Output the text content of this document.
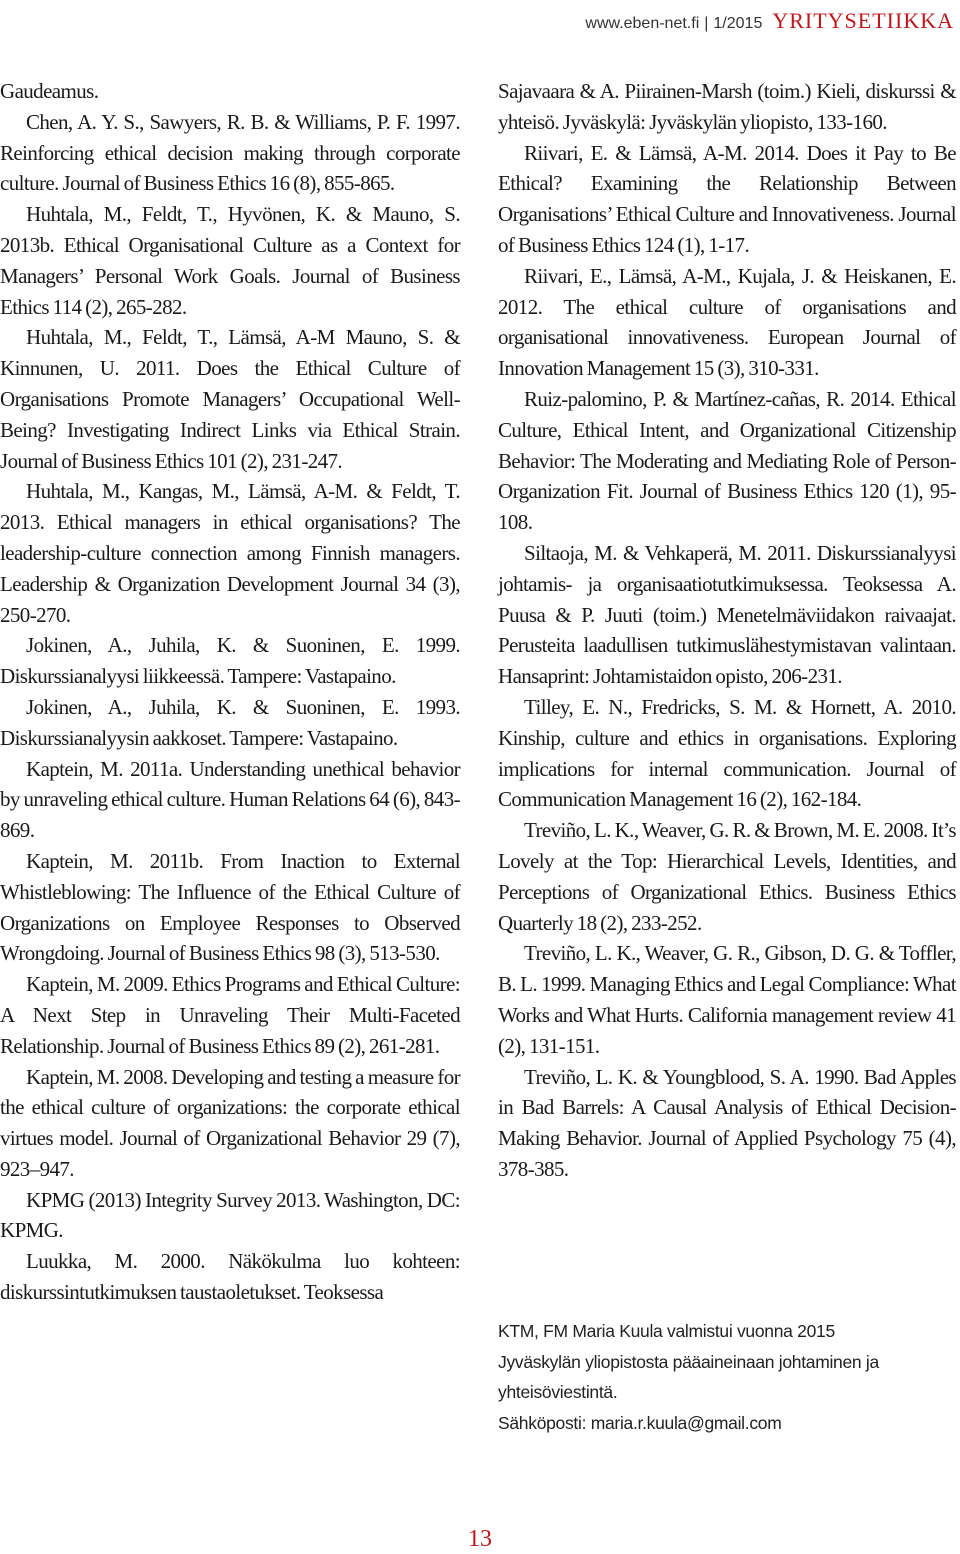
www.eben-net.fi | 1/2015 YRITYSETIIKKA

Gaudeamus.

Chen, A. Y. S., Sawyers, R. B. & Williams, P. F. 1997. Reinforcing ethical decision making through corporate culture. Journal of Business Ethics 16 (8), 855-865.

Huhtala, M., Feldt, T., Hyvönen, K. & Mauno, S. 2013b. Ethical Organisational Culture as a Context for Managers’ Personal Work Goals. Journal of Business Ethics 114 (2), 265-282.

Huhtala, M., Feldt, T., Lämsä, A-M Mauno, S. & Kinnunen, U. 2011. Does the Ethical Culture of Organisations Promote Managers’ Occupational Well-Being? Investigating Indirect Links via Ethical Strain. Journal of Business Ethics 101 (2), 231-247.

Huhtala, M., Kangas, M., Lämsä, A-M. & Feldt, T. 2013. Ethical managers in ethical organisations? The leadership-culture connection among Finnish managers. Leadership & Organization Development Journal 34 (3), 250-270.

Jokinen, A., Juhila, K. & Suoninen, E. 1999. Diskurssianalyysi liikkeessä. Tampere: Vastapaino.

Jokinen, A., Juhila, K. & Suoninen, E. 1993. Diskurssianalyysin aakkoset. Tampere: Vastapaino.

Kaptein, M. 2011a. Understanding unethical behavior by unraveling ethical culture. Human Relations 64 (6), 843-869.

Kaptein, M. 2011b. From Inaction to External Whistleblowing: The Influence of the Ethical Culture of Organizations on Employee Responses to Observed Wrongdoing. Journal of Business Ethics 98 (3), 513-530.

Kaptein, M. 2009. Ethics Programs and Ethical Culture: A Next Step in Unraveling Their Multi-Faceted Relationship. Journal of Business Ethics 89 (2), 261-281.

Kaptein, M. 2008. Developing and testing a measure for the ethical culture of organizations: the corporate ethical virtues model. Journal of Organizational Behavior 29 (7), 923–947.

KPMG (2013) Integrity Survey 2013. Washington, DC: KPMG.

Luukka, M. 2000. Näkökulma luo kohteen: diskurssintutkimuksen taustaoletukset. Teoksessa

Sajavaara & A. Piirainen-Marsh (toim.) Kieli, diskurssi & yhteisö. Jyväskylä: Jyväskylän yliopisto, 133-160.

Riivari, E. & Lämsä, A-M. 2014. Does it Pay to Be Ethical? Examining the Relationship Between Organisations’ Ethical Culture and Innovativeness. Journal of Business Ethics 124 (1), 1-17.

Riivari, E., Lämsä, A-M., Kujala, J. & Heiskanen, E. 2012. The ethical culture of organisations and organisational innovativeness. European Journal of Innovation Management 15 (3), 310-331.

Ruiz-palomino, P. & Martínez-cañas, R. 2014. Ethical Culture, Ethical Intent, and Organizational Citizenship Behavior: The Moderating and Mediating Role of Person-Organization Fit. Journal of Business Ethics 120 (1), 95-108.

Siltaoja, M. & Vehkaperä, M. 2011. Diskurssianalyysi johtamis- ja organisaatiotutkimuksessa. Teoksessa A. Puusa & P. Juuti (toim.) Menetelmäviidakon raivaajat. Perusteita laadullisen tutkimuslähestymistavan valintaan. Hansaprint: Johtamistaidon opisto, 206-231.

Tilley, E. N., Fredricks, S. M. & Hornett, A. 2010. Kinship, culture and ethics in organisations. Exploring implications for internal communication. Journal of Communication Management 16 (2), 162-184.

Treviño, L. K., Weaver, G. R. & Brown, M. E. 2008. It’s Lovely at the Top: Hierarchical Levels, Identities, and Perceptions of Organizational Ethics. Business Ethics Quarterly 18 (2), 233-252.

Treviño, L. K., Weaver, G. R., Gibson, D. G. & Toffler, B. L. 1999. Managing Ethics and Legal Compliance: What Works and What Hurts. California management review 41 (2), 131-151.

Treviño, L. K. & Youngblood, S. A. 1990. Bad Apples in Bad Barrels: A Causal Analysis of Ethical Decision-Making Behavior. Journal of Applied Psychology 75 (4), 378-385.

KTM, FM Maria Kuula valmistui vuonna 2015
Jyväskylän yliopistosta pääaineinaan johtaminen ja
yhteisöviestintä.
Sähköposti: maria.r.kuula@gmail.com
13
